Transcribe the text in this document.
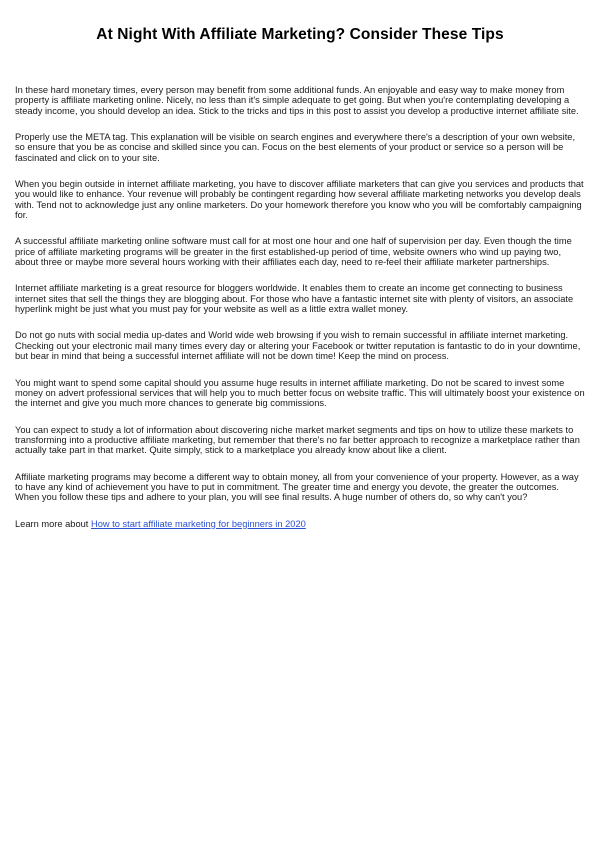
At Night With Affiliate Marketing? Consider These Tips

In these hard monetary times, every person may benefit from some additional funds. An enjoyable and easy way to make money from property is affiliate marketing online. Nicely, no less than it's simple adequate to get going. But when you're contemplating developing a steady income, you should develop an idea. Stick to the tricks and tips in this post to assist you develop a productive internet affiliate site.

Properly use the META tag. This explanation will be visible on search engines and everywhere there's a description of your own website, so ensure that you be as concise and skilled since you can. Focus on the best elements of your product or service so a person will be fascinated and click on to your site.

When you begin outside in internet affiliate marketing, you have to discover affiliate marketers that can give you services and products that you would like to enhance. Your revenue will probably be contingent regarding how several affiliate marketing networks you develop deals with. Tend not to acknowledge just any online marketers. Do your homework therefore you know who you will be comfortably campaigning for.

A successful affiliate marketing online software must call for at most one hour and one half of supervision per day. Even though the time price of affiliate marketing programs will be greater in the first established-up period of time, website owners who wind up paying two, about three or maybe more several hours working with their affiliates each day, need to re-feel their affiliate marketer partnerships.

Internet affiliate marketing is a great resource for bloggers worldwide. It enables them to create an income get connecting to business internet sites that sell the things they are blogging about. For those who have a fantastic internet site with plenty of visitors, an associate hyperlink might be just what you must pay for your website as well as a little extra wallet money.

Do not go nuts with social media up-dates and World wide web browsing if you wish to remain successful in affiliate internet marketing. Checking out your electronic mail many times every day or altering your Facebook or twitter reputation is fantastic to do in your downtime, but bear in mind that being a successful internet affiliate will not be down time! Keep the mind on process.

You might want to spend some capital should you assume huge results in internet affiliate marketing. Do not be scared to invest some money on advert professional services that will help you to much better focus on website traffic. This will ultimately boost your existence on the internet and give you much more chances to generate big commissions.

You can expect to study a lot of information about discovering niche market market segments and tips on how to utilize these markets to transforming into a productive affiliate marketing, but remember that there's no far better approach to recognize a marketplace rather than actually take part in that market. Quite simply, stick to a marketplace you already know about like a client.

Affiliate marketing programs may become a different way to obtain money, all from your convenience of your property. However, as a way to have any kind of achievement you have to put in commitment. The greater time and energy you devote, the greater the outcomes. When you follow these tips and adhere to your plan, you will see final results. A huge number of others do, so why can't you?

Learn more about How to start affiliate marketing for beginners in 2020
